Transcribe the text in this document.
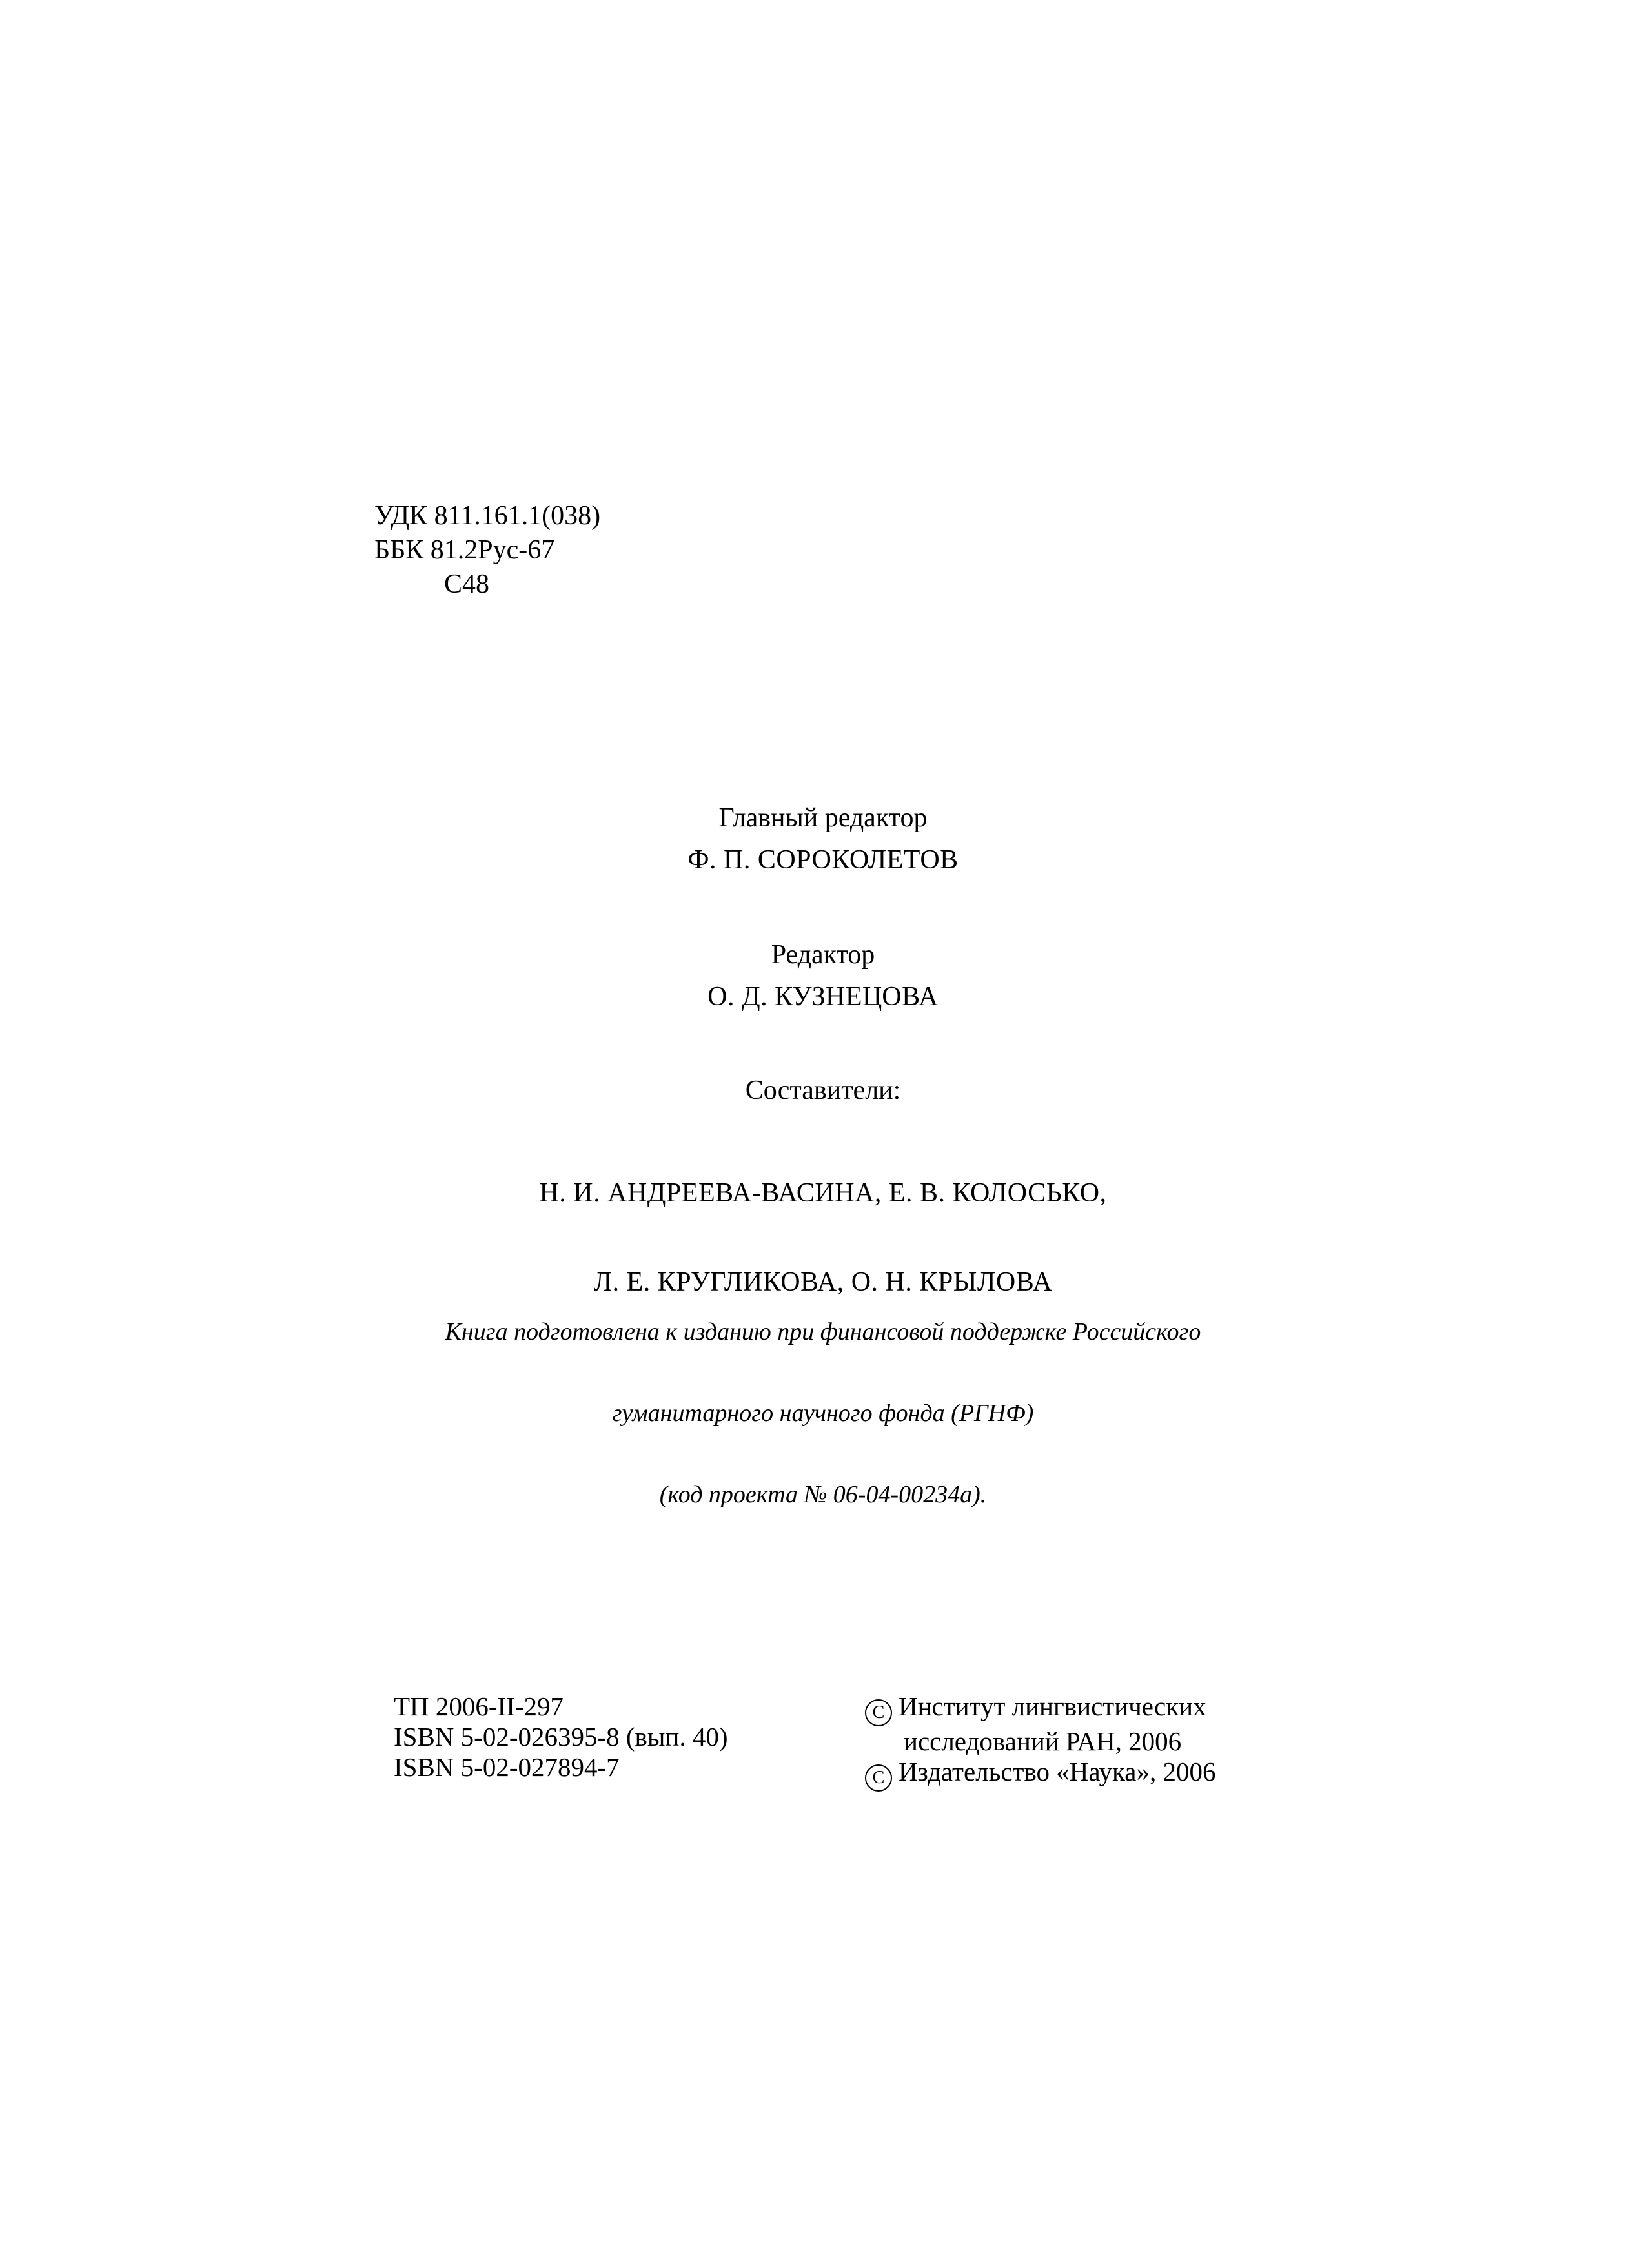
УДК 811.161.1(038)
ББК 81.2Рус-67
С48
Главный редактор
Ф. П. СОРОКОЛЕТОВ
Редактор
О. Д. КУЗНЕЦОВА
Составители:

Н. И. АНДРЕЕВА-ВАСИНА, Е. В. КОЛОСЬКО,

Л. Е. КРУГЛИКОВА, О. Н. КРЫЛОВА

Книга подготовлена к изданию при финансовой поддержке Российского

гуманитарного научного фонда (РГНФ)

(код проекта № 06-04-00234а).

ТП 2006-II-297
ISBN 5-02-026395-8 (вып. 40)
ISBN 5-02-027894-7
C Институт лингвистических
исследований РАН, 2006
C Издательство «Наука», 2006
